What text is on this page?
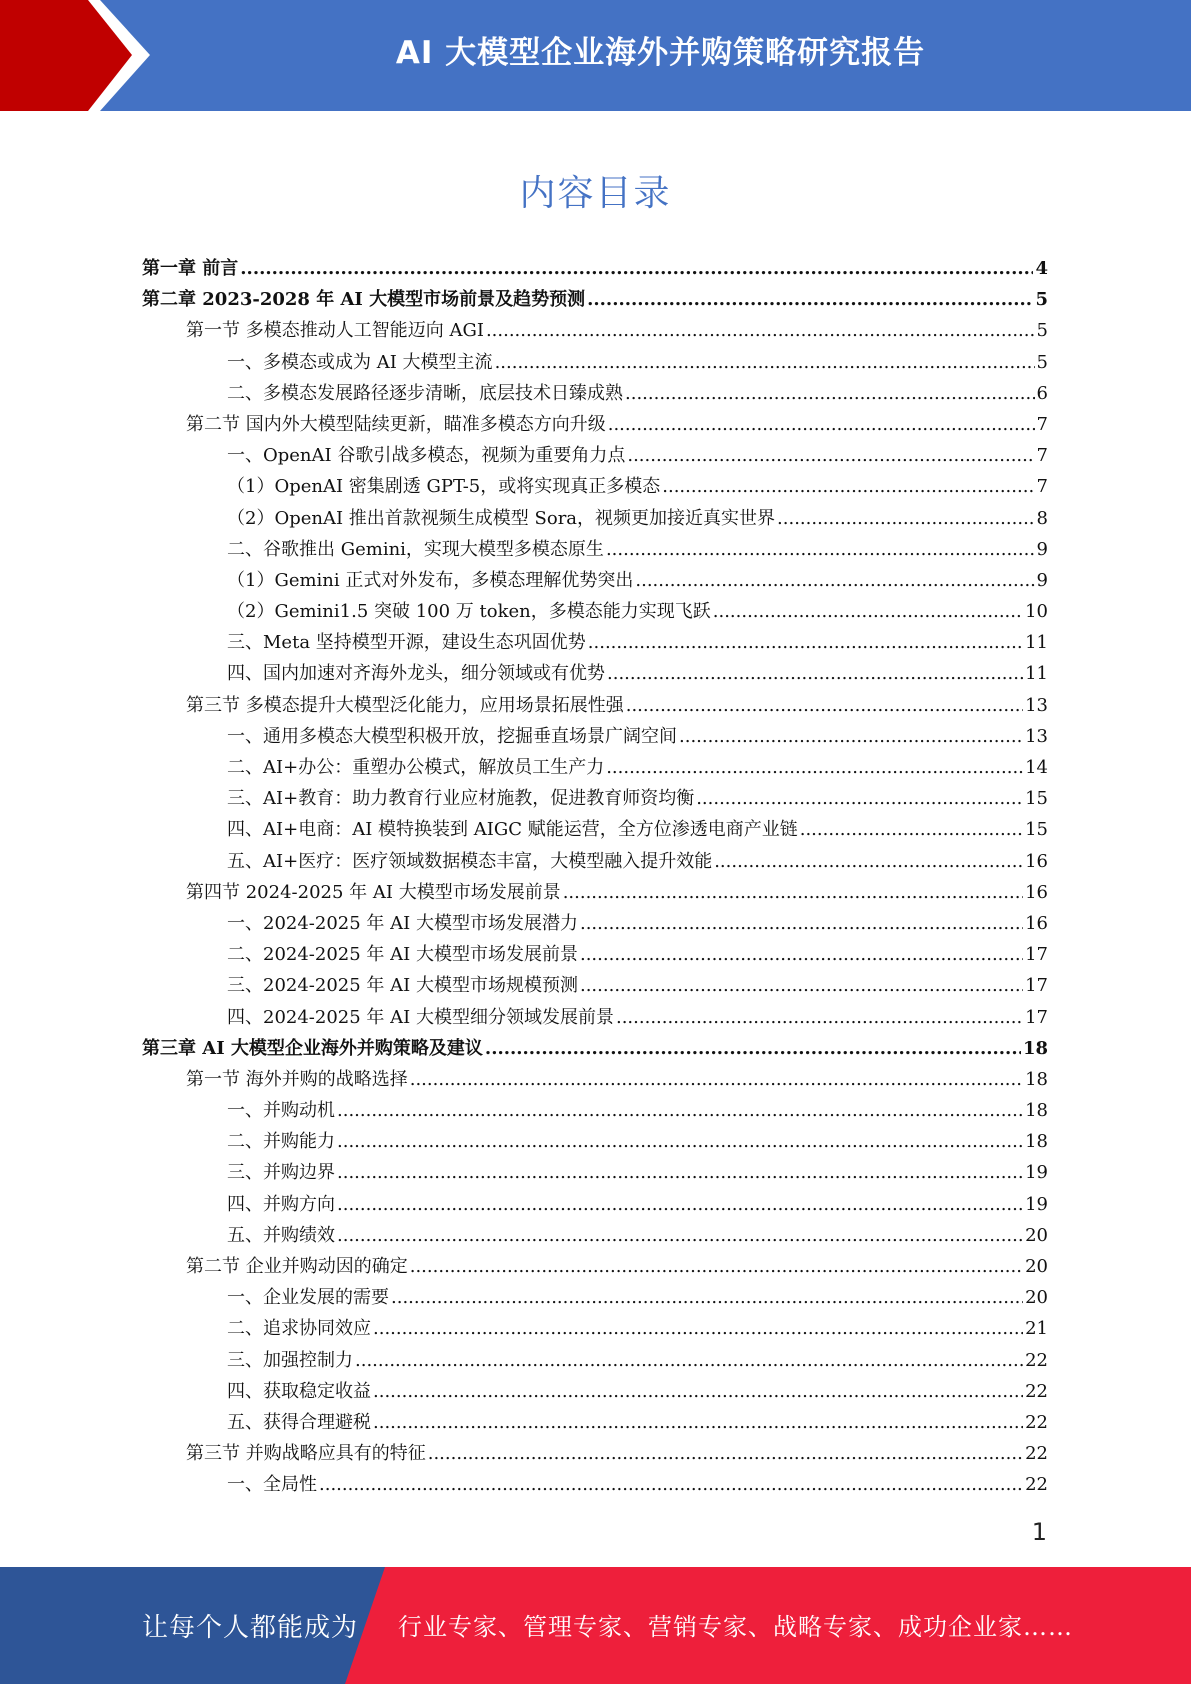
AI 大模型企业海外并购策略研究报告
内容目录
第一章 前言 .....	4
第二章 2023-2028 年 AI 大模型市场前景及趋势预测 .....	5
第一节 多模态推动人工智能迈向 AGI .....	5
一、多模态或成为 AI 大模型主流 .....	5
二、多模态发展路径逐步清晰，底层技术日臻成熟 .....	6
第二节 国内外大模型陆续更新，瞄准多模态方向升级 .....	7
一、OpenAI 谷歌引战多模态，视频为重要角力点 .....	7
（1）OpenAI 密集剧透 GPT-5，或将实现真正多模态 .....	7
（2）OpenAI 推出首款视频生成模型 Sora，视频更加接近真实世界 .....	8
二、谷歌推出 Gemini，实现大模型多模态原生 .....	9
（1）Gemini 正式对外发布，多模态理解优势突出 .....	9
（2）Gemini1.5 突破 100 万 token，多模态能力实现飞跃 .....	10
三、Meta 坚持模型开源，建设生态巩固优势 .....	11
四、国内加速对齐海外龙头，细分领域或有优势 .....	11
第三节 多模态提升大模型泛化能力，应用场景拓展性强 .....	13
一、通用多模态大模型积极开放，挖掘垂直场景广阔空间 .....	13
二、AI+办公：重塑办公模式，解放员工生产力 .....	14
三、AI+教育：助力教育行业应材施教，促进教育师资均衡 .....	15
四、AI+电商：AI 模特换装到 AIGC 赋能运营，全方位渗透电商产业链 .....	15
五、AI+医疗：医疗领域数据模态丰富，大模型融入提升效能 .....	16
第四节 2024-2025 年 AI 大模型市场发展前景 .....	16
一、2024-2025 年 AI 大模型市场发展潜力 .....	16
二、2024-2025 年 AI 大模型市场发展前景 .....	17
三、2024-2025 年 AI 大模型市场规模预测 .....	17
四、2024-2025 年 AI 大模型细分领域发展前景 .....	17
第三章 AI 大模型企业海外并购策略及建议 .....	18
第一节 海外并购的战略选择 .....	18
一、并购动机 .....	18
二、并购能力 .....	18
三、并购边界 .....	19
四、并购方向 .....	19
五、并购绩效 .....	20
第二节 企业并购动因的确定 .....	20
一、企业发展的需要 .....	20
二、追求协同效应 .....	21
三、加强控制力 .....	22
四、获取稳定收益 .....	22
五、获得合理避税 .....	22
第三节 并购战略应具有的特征 .....	22
一、全局性 .....	22
1
让每个人都能成为 行业专家、管理专家、营销专家、战略专家、成功企业家……
